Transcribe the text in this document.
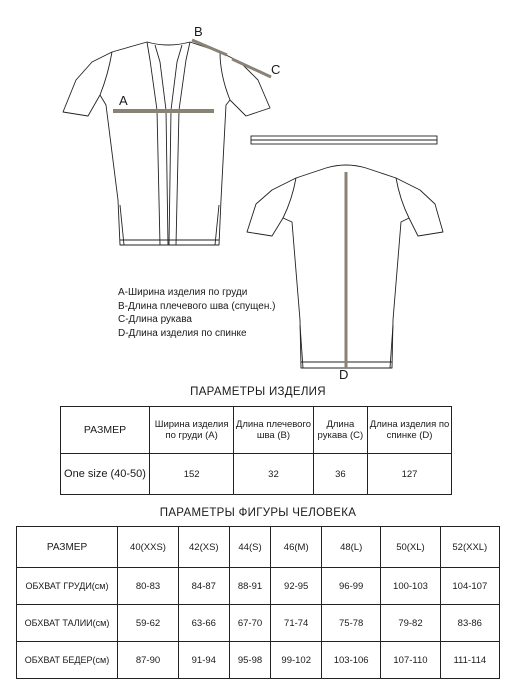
A
B
C
D
A-Ширина изделия по груди
B-Длина плечевого шва (спущен.)
C-Длина рукава
D-Длина изделия по спинке
ПАРАМЕТРЫ ИЗДЕЛИЯ
РАЗМЕР	Ширина изделия по груди (A)	Длина плечевого шва (B)	Длина рукава (C)	Длина изделия по спинке (D)
One size (40-50)	152	32	36	127
ПАРАМЕТРЫ ФИГУРЫ ЧЕЛОВЕКА
РАЗМЕР	40(XXS)	42(XS)	44(S)	46(M)	48(L)	50(XL)	52(XXL)
ОБХВАТ ГРУДИ(см)	80-83	84-87	88-91	92-95	96-99	100-103	104-107
ОБХВАТ ТАЛИИ(см)	59-62	63-66	67-70	71-74	75-78	79-82	83-86
ОБХВАТ БЕДЕР(см)	87-90	91-94	95-98	99-102	103-106	107-110	111-114
